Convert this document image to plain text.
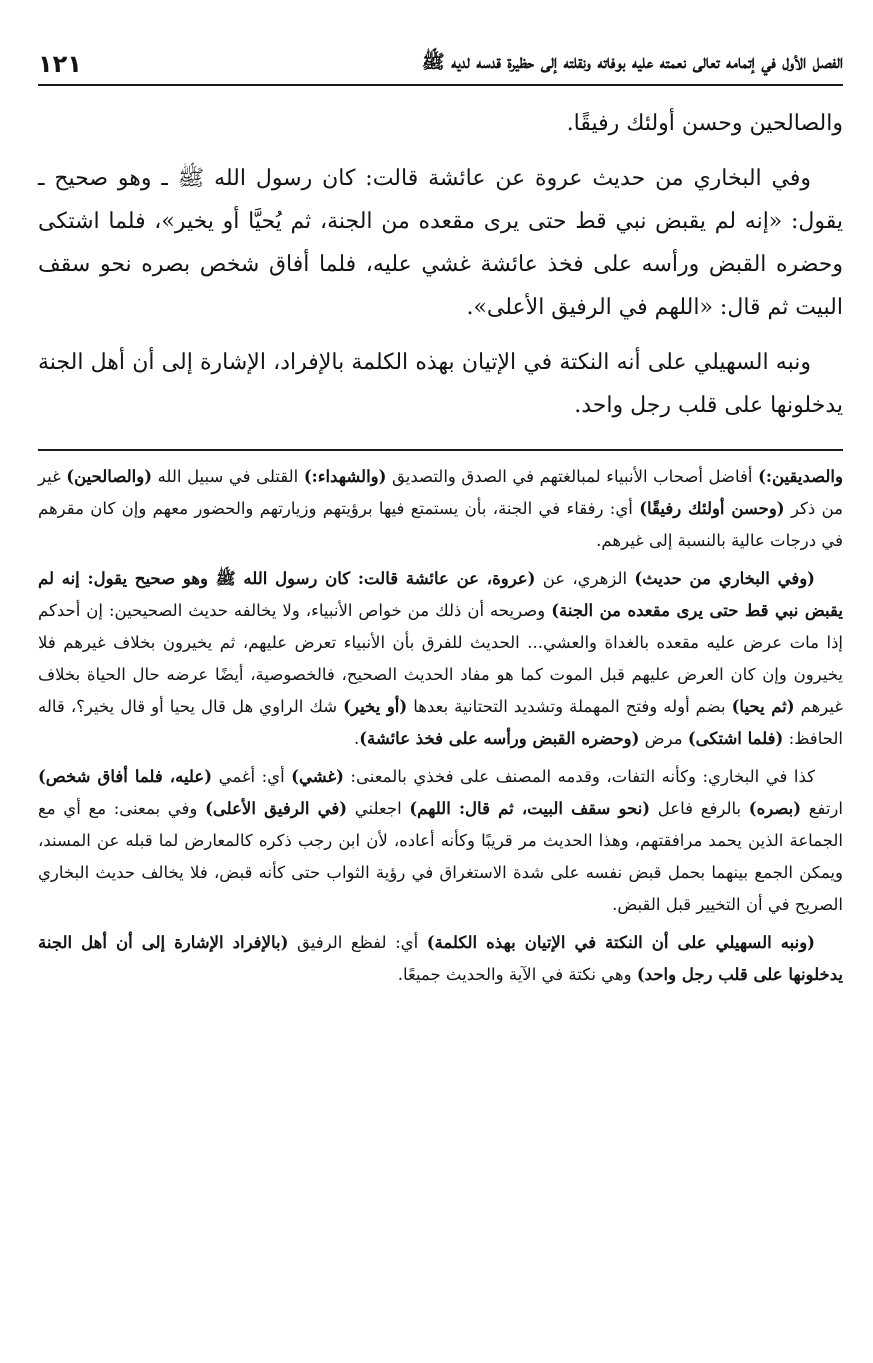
الفصل الأول في إتمامه تعالى نعمته عليه بوفاته ونقلته إلى حظيرة قدسه لديه ﷺ
١٢١

والصالحين وحسن أولئك رفيقًا.

وفي البخاري من حديث عروة عن عائشة قالت: كان رسول الله ﷺ ـ وهو صحيح ـ يقول: «إنه لم يقبض نبي قط حتى يرى مقعده من الجنة، ثم يُحيَّا أو يخير»، فلما اشتكى وحضره القبض ورأسه على فخذ عائشة غشي عليه، فلما أفاق شخص بصره نحو سقف البيت ثم قال: «اللهم في الرفيق الأعلى».

ونبه السهيلي على أنه النكتة في الإتيان بهذه الكلمة بالإفراد، الإشارة إلى أن أهل الجنة يدخلونها على قلب رجل واحد.

والصديقين:) أفاضل أصحاب الأنبياء لمبالغتهم في الصدق والتصديق (والشهداء:) القتلى في سبيل الله (والصالحين) غير من ذكر (وحسن أولئك رفيقًا) أي: رفقاء في الجنة، بأن يستمتع فيها برؤيتهم وزيارتهم والحضور معهم وإن كان مقرهم في درجات عالية بالنسبة إلى غيرهم.

(وفي البخاري من حديث) الزهري، عن (عروة، عن عائشة قالت: كان رسول الله ﷺ وهو صحيح يقول: إنه لم يقبض نبي قط حتى يرى مقعده من الجنة) وصريحه أن ذلك من خواص الأنبياء، ولا يخالفه حديث الصحيحين: إن أحدكم إذا مات عرض عليه مقعده بالغداة والعشي... الحديث للفرق بأن الأنبياء تعرض عليهم، ثم يخيرون بخلاف غيرهم فلا يخيرون وإن كان العرض عليهم قبل الموت كما هو مفاد الحديث الصحيح، فالخصوصية، أيضًا عرضه حال الحياة بخلاف غيرهم (ثم يحيا) بضم أوله وفتح المهملة وتشديد التحتانية بعدها (أو يخير) شك الراوي هل قال يحيا أو قال يخير؟، قاله الحافظ: (فلما اشتكى) مرض (وحضره القبض ورأسه على فخذ عائشة).

كذا في البخاري: وكأنه التفات، وقدمه المصنف على فخذي بالمعنى: (غشي) أي: أغمي (عليه، فلما أفاق شخص) ارتفع (بصره) بالرفع فاعل (نحو سقف البيت، ثم قال: اللهم) اجعلني (في الرفيق الأعلى) وفي بمعنى: مع أي مع الجماعة الذين يحمد مرافقتهم، وهذا الحديث مر قريبًا وكأنه أعاده، لأن ابن رجب ذكره كالمعارض لما قبله عن المسند، ويمكن الجمع بينهما بحمل قبض نفسه على شدة الاستغراق في رؤية الثواب حتى كأنه قبض، فلا يخالف حديث البخاري الصريح في أن التخيير قبل القبض.

(ونبه السهيلي على أن النكتة في الإتيان بهذه الكلمة) أي: لفظع الرفيق (بالإفراد الإشارة إلى أن أهل الجنة يدخلونها على قلب رجل واحد) وهي نكتة في الآية والحديث جميعًا.
